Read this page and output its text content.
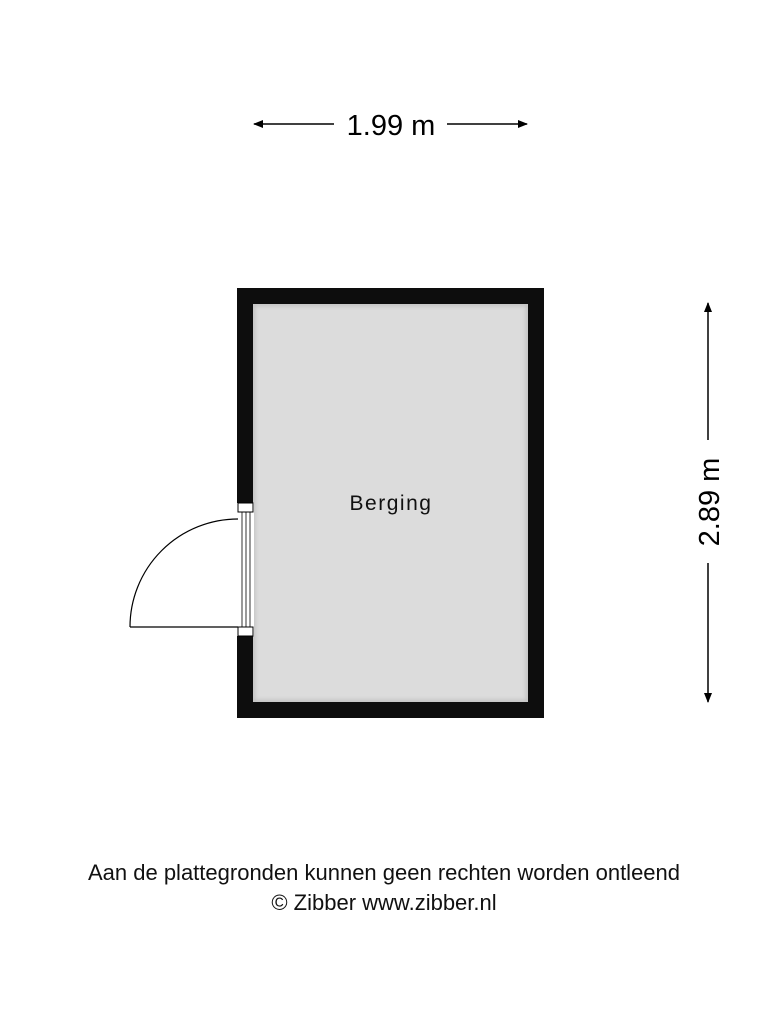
1.99 m
2.89 m
Berging
Aan de plattegronden kunnen geen rechten worden ontleend
© Zibber www.zibber.nl
